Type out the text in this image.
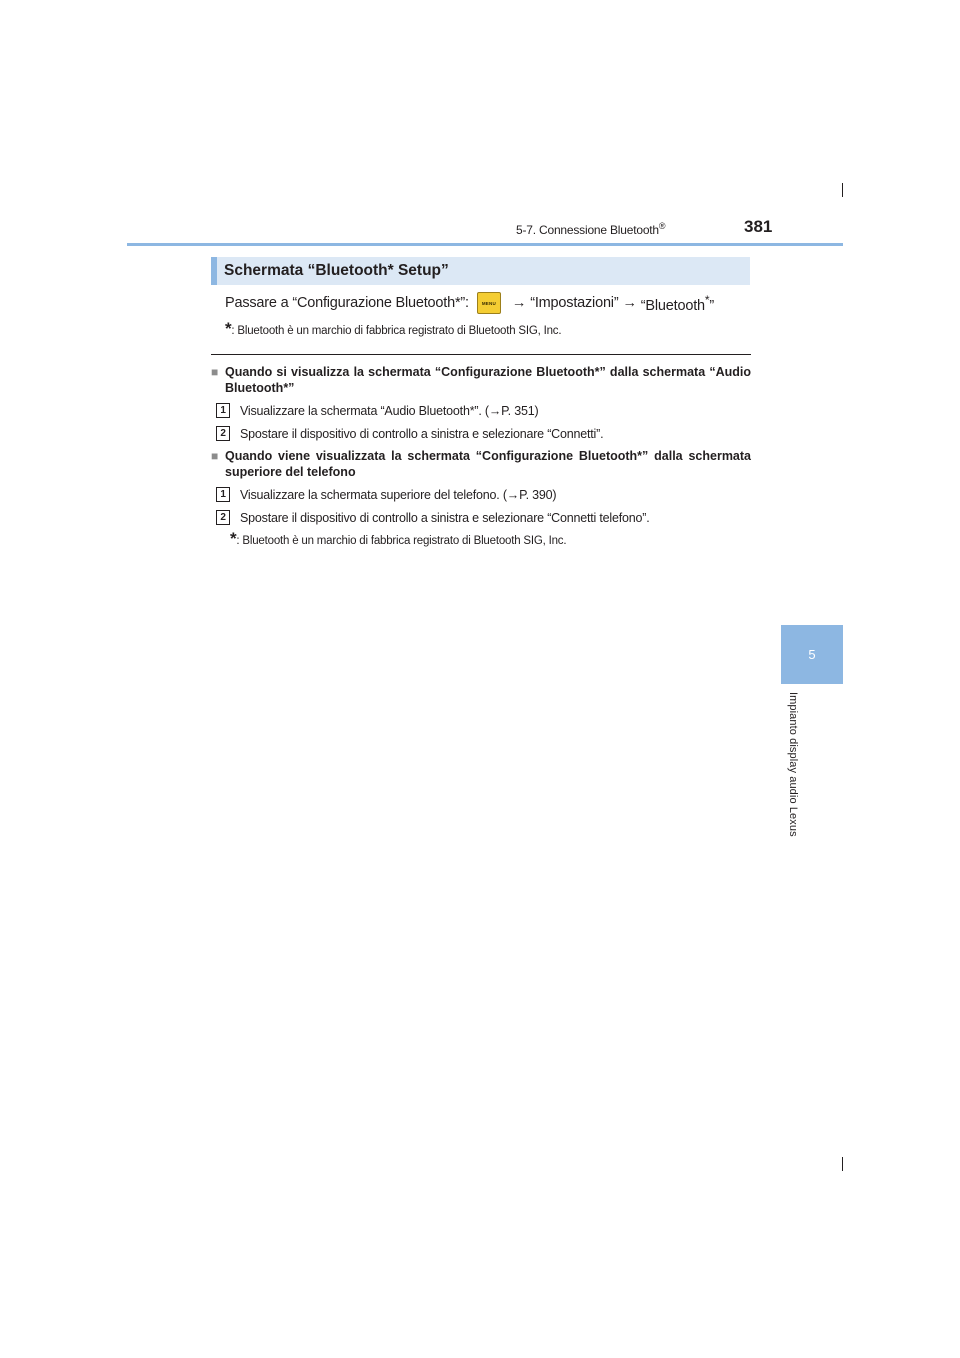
5-7. Connessione Bluetooth®	381
5
Impianto display audio Lexus
Schermata “Bluetooth* Setup”
Passare a “Configurazione Bluetooth*”:	MENU → “Impostazioni” → “Bluetooth*”
*: Bluetooth è un marchio di fabbrica registrato di Bluetooth SIG, Inc.
■ Quando si visualizza la schermata “Configurazione Bluetooth*” dalla schermata “Audio Bluetooth*”
1	Visualizzare la schermata “Audio Bluetooth*”. (→P. 351)
2	Spostare il dispositivo di controllo a sinistra e selezionare “Connetti”.
■ Quando viene visualizzata la schermata “Configurazione Bluetooth*” dalla schermata superiore del telefono
1	Visualizzare la schermata superiore del telefono. (→P. 390)
2	Spostare il dispositivo di controllo a sinistra e selezionare “Connetti telefono”.
*: Bluetooth è un marchio di fabbrica registrato di Bluetooth SIG, Inc.
